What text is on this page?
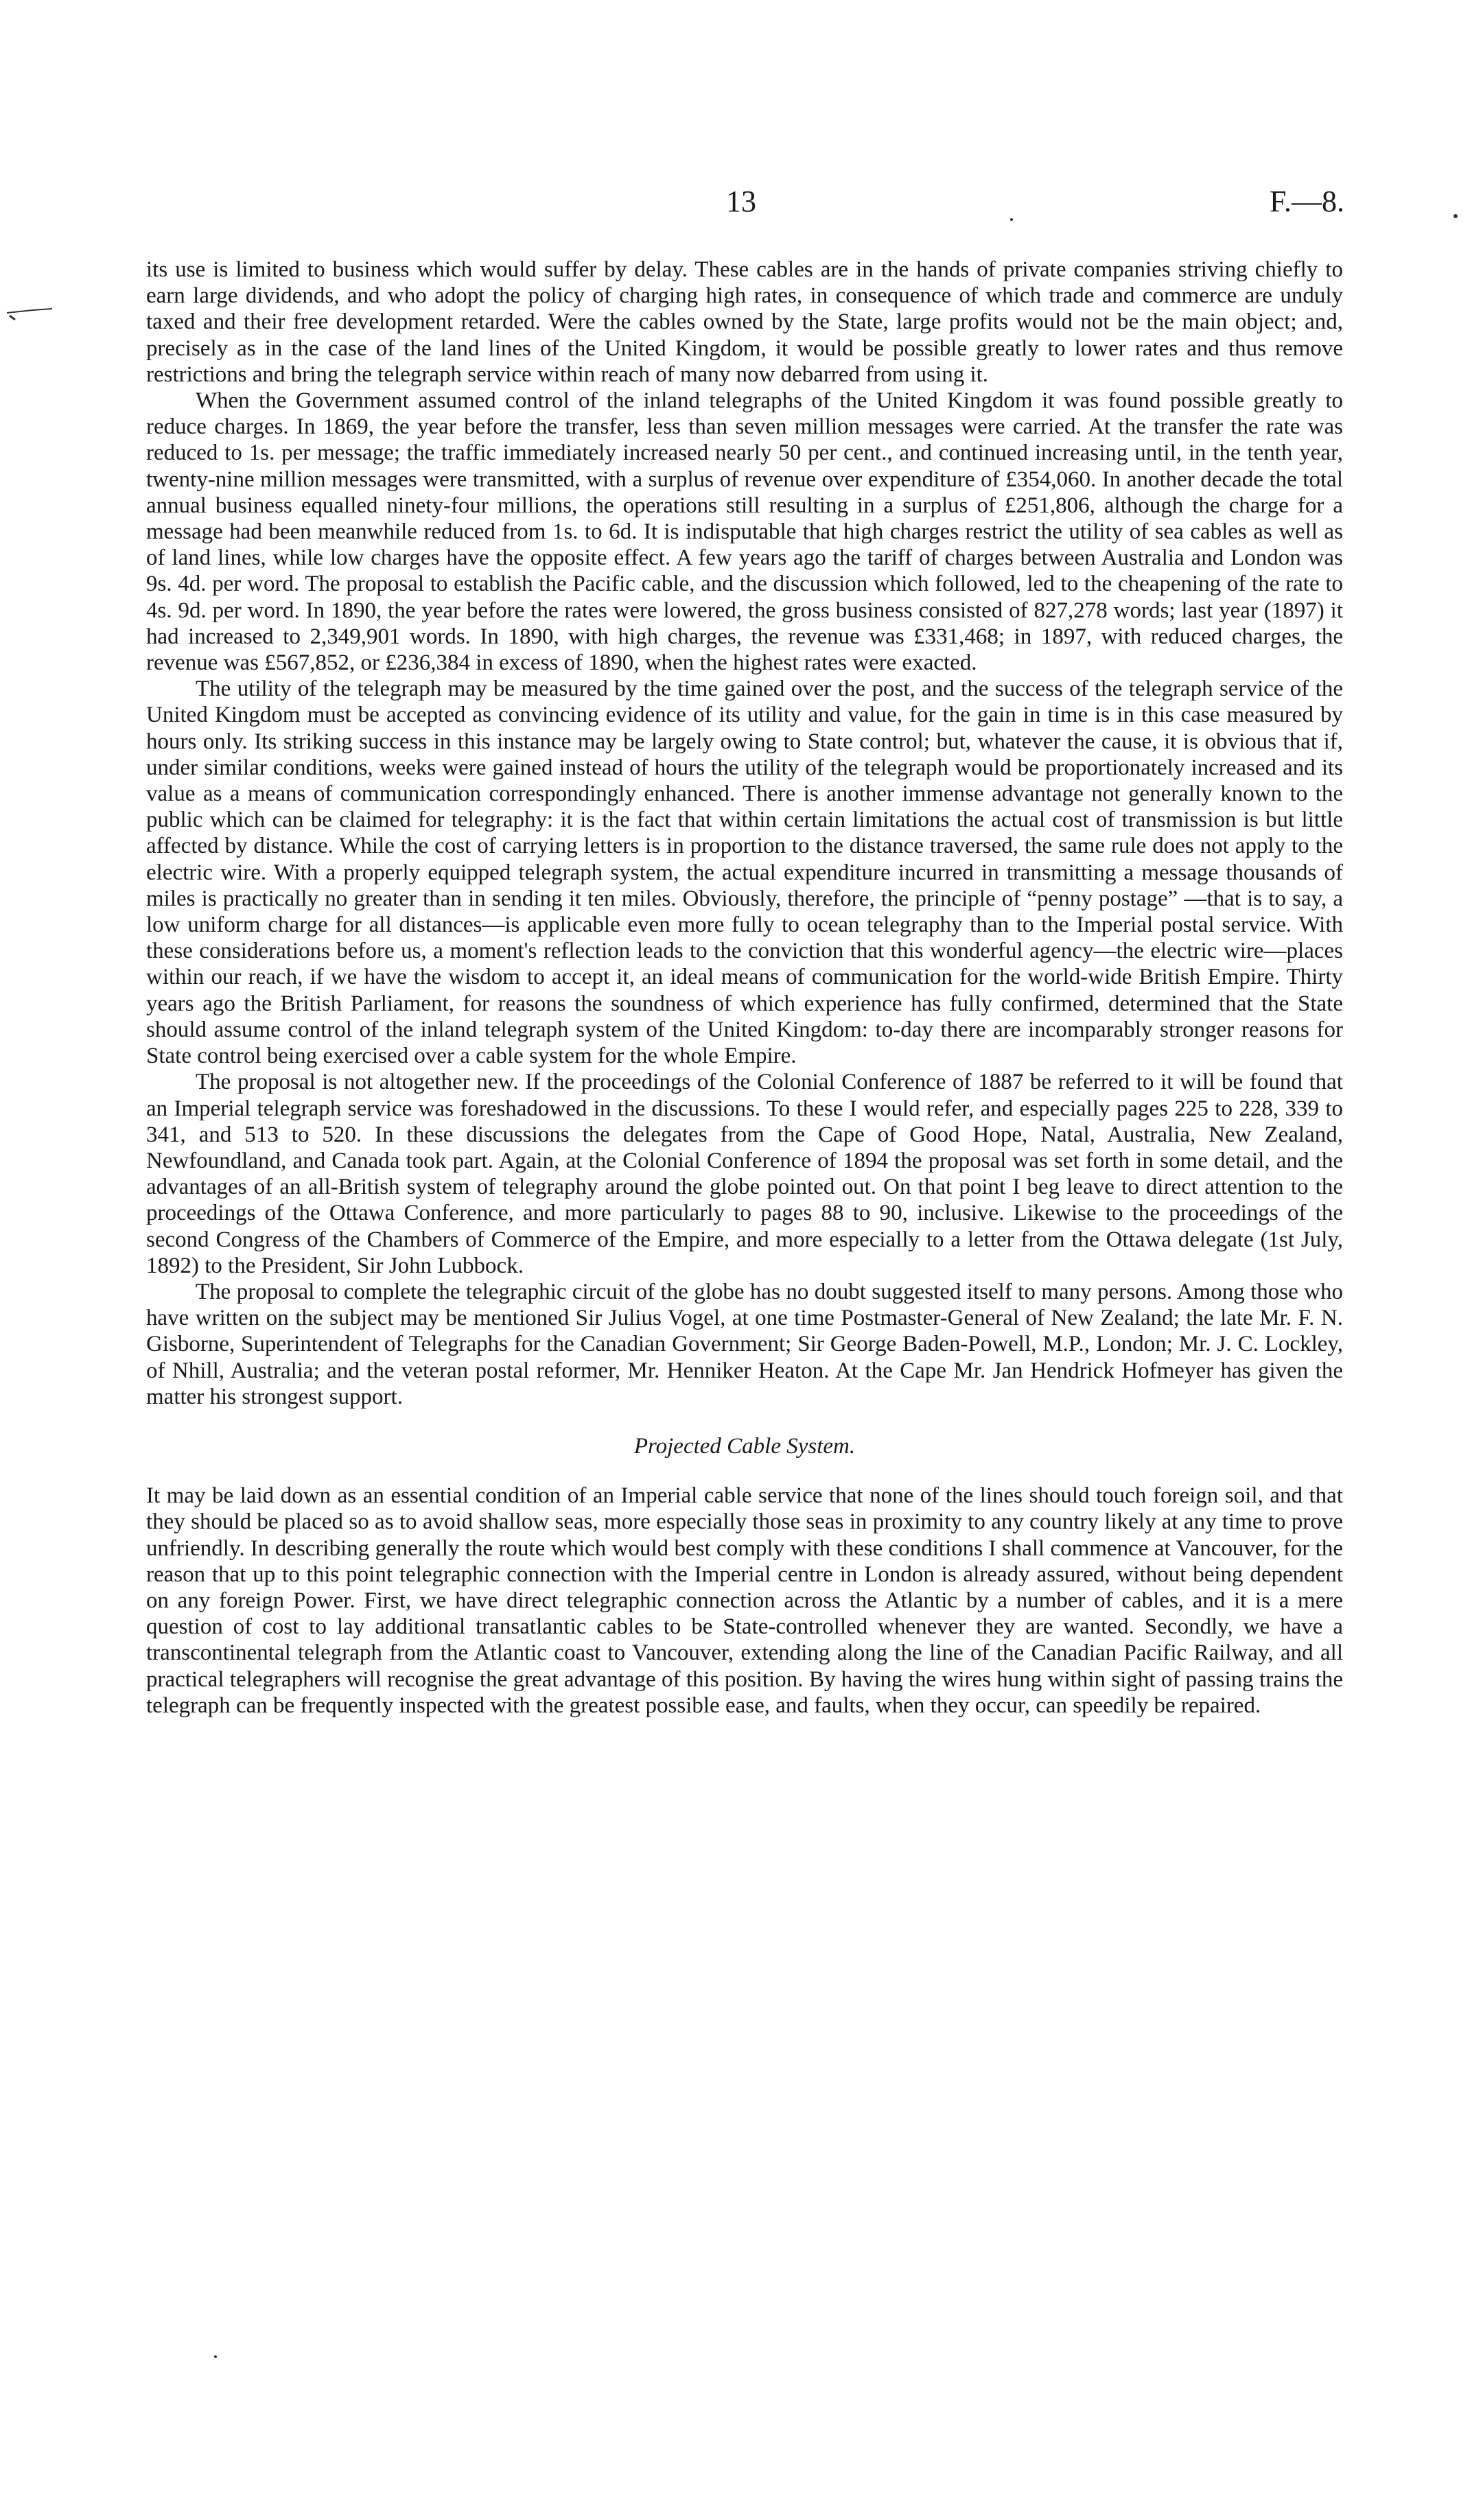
13	F.—8.

its use is limited to business which would suffer by delay. These cables are in the hands of private companies striving chiefly to earn large dividends, and who adopt the policy of charging high rates, in consequence of which trade and commerce are unduly taxed and their free development retarded. Were the cables owned by the State, large profits would not be the main object; and, precisely as in the case of the land lines of the United Kingdom, it would be possible greatly to lower rates and thus remove restrictions and bring the telegraph service within reach of many now debarred from using it.

When the Government assumed control of the inland telegraphs of the United Kingdom it was found possible greatly to reduce charges. In 1869, the year before the transfer, less than seven million messages were carried. At the transfer the rate was reduced to 1s. per message; the traffic immediately increased nearly 50 per cent., and continued increasing until, in the tenth year, twenty-nine million messages were transmitted, with a surplus of revenue over expenditure of £354,060. In another decade the total annual business equalled ninety-four millions, the operations still resulting in a surplus of £251,806, although the charge for a message had been meanwhile reduced from 1s. to 6d. It is indisputable that high charges restrict the utility of sea cables as well as of land lines, while low charges have the opposite effect. A few years ago the tariff of charges between Australia and London was 9s. 4d. per word. The proposal to establish the Pacific cable, and the discussion which followed, led to the cheapening of the rate to 4s. 9d. per word. In 1890, the year before the rates were lowered, the gross business consisted of 827,278 words; last year (1897) it had increased to 2,349,901 words. In 1890, with high charges, the revenue was £331,468; in 1897, with reduced charges, the revenue was £567,852, or £236,384 in excess of 1890, when the highest rates were exacted.

The utility of the telegraph may be measured by the time gained over the post, and the success of the telegraph service of the United Kingdom must be accepted as convincing evidence of its utility and value, for the gain in time is in this case measured by hours only. Its striking success in this instance may be largely owing to State control; but, whatever the cause, it is obvious that if, under similar conditions, weeks were gained instead of hours the utility of the telegraph would be proportionately increased and its value as a means of communication correspondingly enhanced. There is another immense advantage not generally known to the public which can be claimed for telegraphy: it is the fact that within certain limitations the actual cost of transmission is but little affected by distance. While the cost of carrying letters is in proportion to the distance traversed, the same rule does not apply to the electric wire. With a properly equipped telegraph system, the actual expenditure incurred in transmitting a message thousands of miles is practically no greater than in sending it ten miles. Obviously, therefore, the principle of “penny postage” —that is to say, a low uniform charge for all distances—is applicable even more fully to ocean telegraphy than to the Imperial postal service. With these considerations before us, a moment's reflection leads to the conviction that this wonderful agency—the electric wire—places within our reach, if we have the wisdom to accept it, an ideal means of communication for the world-wide British Empire. Thirty years ago the British Parliament, for reasons the soundness of which experience has fully confirmed, determined that the State should assume control of the inland telegraph system of the United Kingdom: to-day there are incomparably stronger reasons for State control being exercised over a cable system for the whole Empire.

The proposal is not altogether new. If the proceedings of the Colonial Conference of 1887 be referred to it will be found that an Imperial telegraph service was foreshadowed in the discussions. To these I would refer, and especially pages 225 to 228, 339 to 341, and 513 to 520. In these discussions the delegates from the Cape of Good Hope, Natal, Australia, New Zealand, Newfoundland, and Canada took part. Again, at the Colonial Conference of 1894 the proposal was set forth in some detail, and the advantages of an all-British system of telegraphy around the globe pointed out. On that point I beg leave to direct attention to the proceedings of the Ottawa Conference, and more particularly to pages 88 to 90, inclusive. Likewise to the proceedings of the second Congress of the Chambers of Commerce of the Empire, and more especially to a letter from the Ottawa delegate (1st July, 1892) to the President, Sir John Lubbock.

The proposal to complete the telegraphic circuit of the globe has no doubt suggested itself to many persons. Among those who have written on the subject may be mentioned Sir Julius Vogel, at one time Postmaster-General of New Zealand; the late Mr. F. N. Gisborne, Superintendent of Telegraphs for the Canadian Government; Sir George Baden-Powell, M.P., London; Mr. J. C. Lockley, of Nhill, Australia; and the veteran postal reformer, Mr. Henniker Heaton. At the Cape Mr. Jan Hendrick Hofmeyer has given the matter his strongest support.

Projected Cable System.

It may be laid down as an essential condition of an Imperial cable service that none of the lines should touch foreign soil, and that they should be placed so as to avoid shallow seas, more especially those seas in proximity to any country likely at any time to prove unfriendly. In describing generally the route which would best comply with these conditions I shall commence at Vancouver, for the reason that up to this point telegraphic connection with the Imperial centre in London is already assured, without being dependent on any foreign Power. First, we have direct telegraphic connection across the Atlantic by a number of cables, and it is a mere question of cost to lay additional transatlantic cables to be State-controlled whenever they are wanted. Secondly, we have a transcontinental telegraph from the Atlantic coast to Vancouver, extending along the line of the Canadian Pacific Railway, and all practical telegraphers will recognise the great advantage of this position. By having the wires hung within sight of passing trains the telegraph can be frequently inspected with the greatest possible ease, and faults, when they occur, can speedily be repaired.
